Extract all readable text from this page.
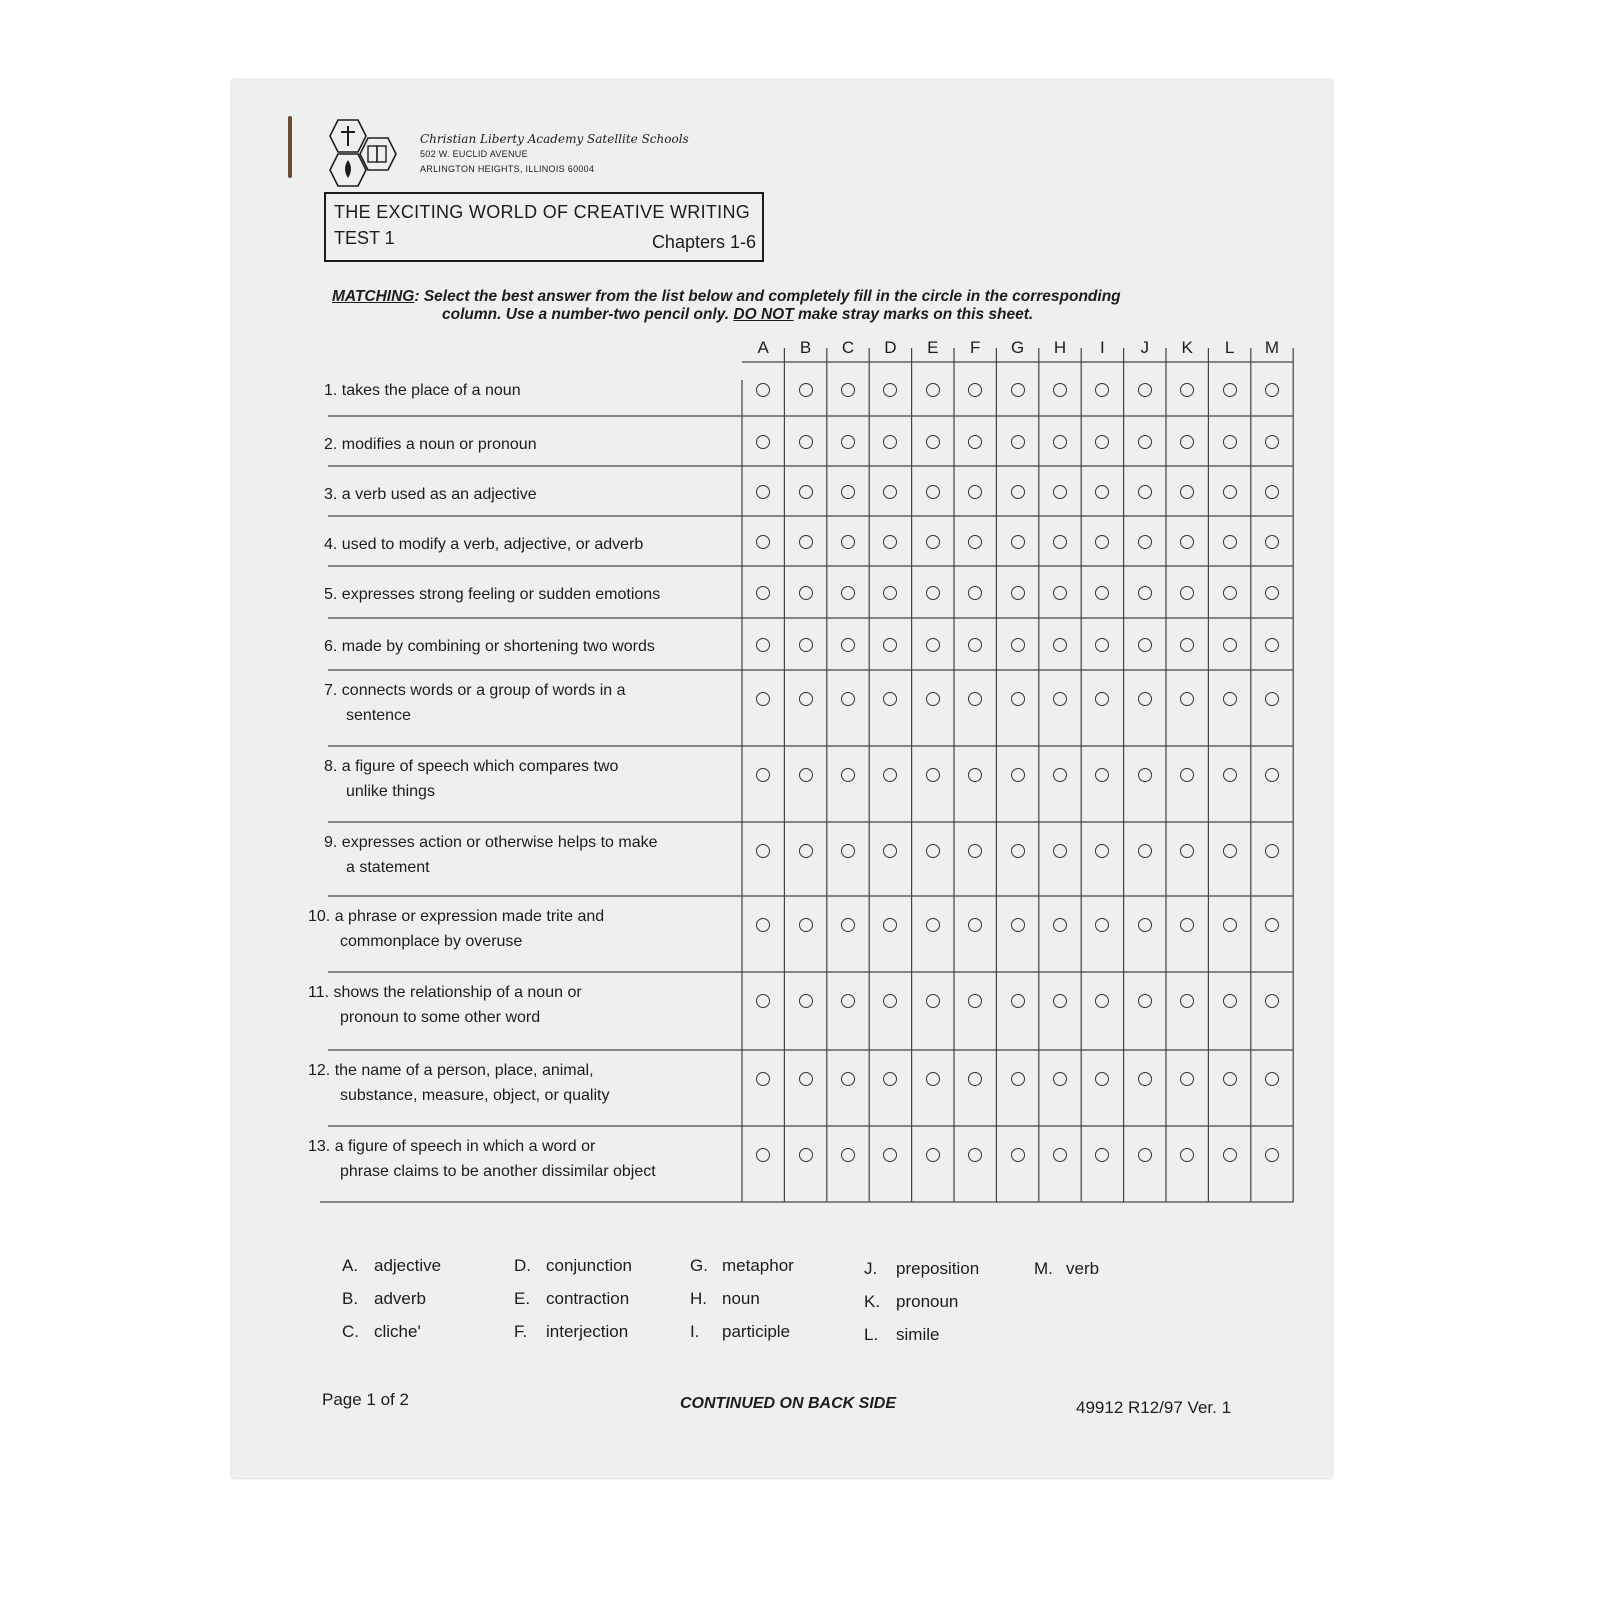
Christian Liberty Academy Satellite Schools
502 W. EUCLID AVENUE
ARLINGTON HEIGHTS, ILLINOIS 60004
THE EXCITING WORLD OF CREATIVE WRITING
TEST 1	Chapters 1-6
MATCHING: Select the best answer from the list below and completely fill in the circle in the corresponding
column. Use a number-two pencil only. DO NOT make stray marks on this sheet.
1. takes the place of a noun
2. modifies a noun or pronoun
3. a verb used as an adjective
4. used to modify a verb, adjective, or adverb
5. expresses strong feeling or sudden emotions
6. made by combining or shortening two words
7. connects words or a group of words in a
sentence
8. a figure of speech which compares two
unlike things
9. expresses action or otherwise helps to make
a statement
10. a phrase or expression made trite and
commonplace by overuse
11. shows the relationship of a noun or
pronoun to some other word
12. the name of a person, place, animal,
substance, measure, object, or quality
13. a figure of speech in which a word or
phrase claims to be another dissimilar object
A. adjective
B. adverb
C. cliche'
D. conjunction
E. contraction
F. interjection
G. metaphor
H. noun
I. participle
J. preposition
K. pronoun
L. simile
M. verb
Page 1 of 2	CONTINUED ON BACK SIDE	49912 R12/97 Ver. 1
A	B	C	D	E	F	G	H	I	J	K	L	M
